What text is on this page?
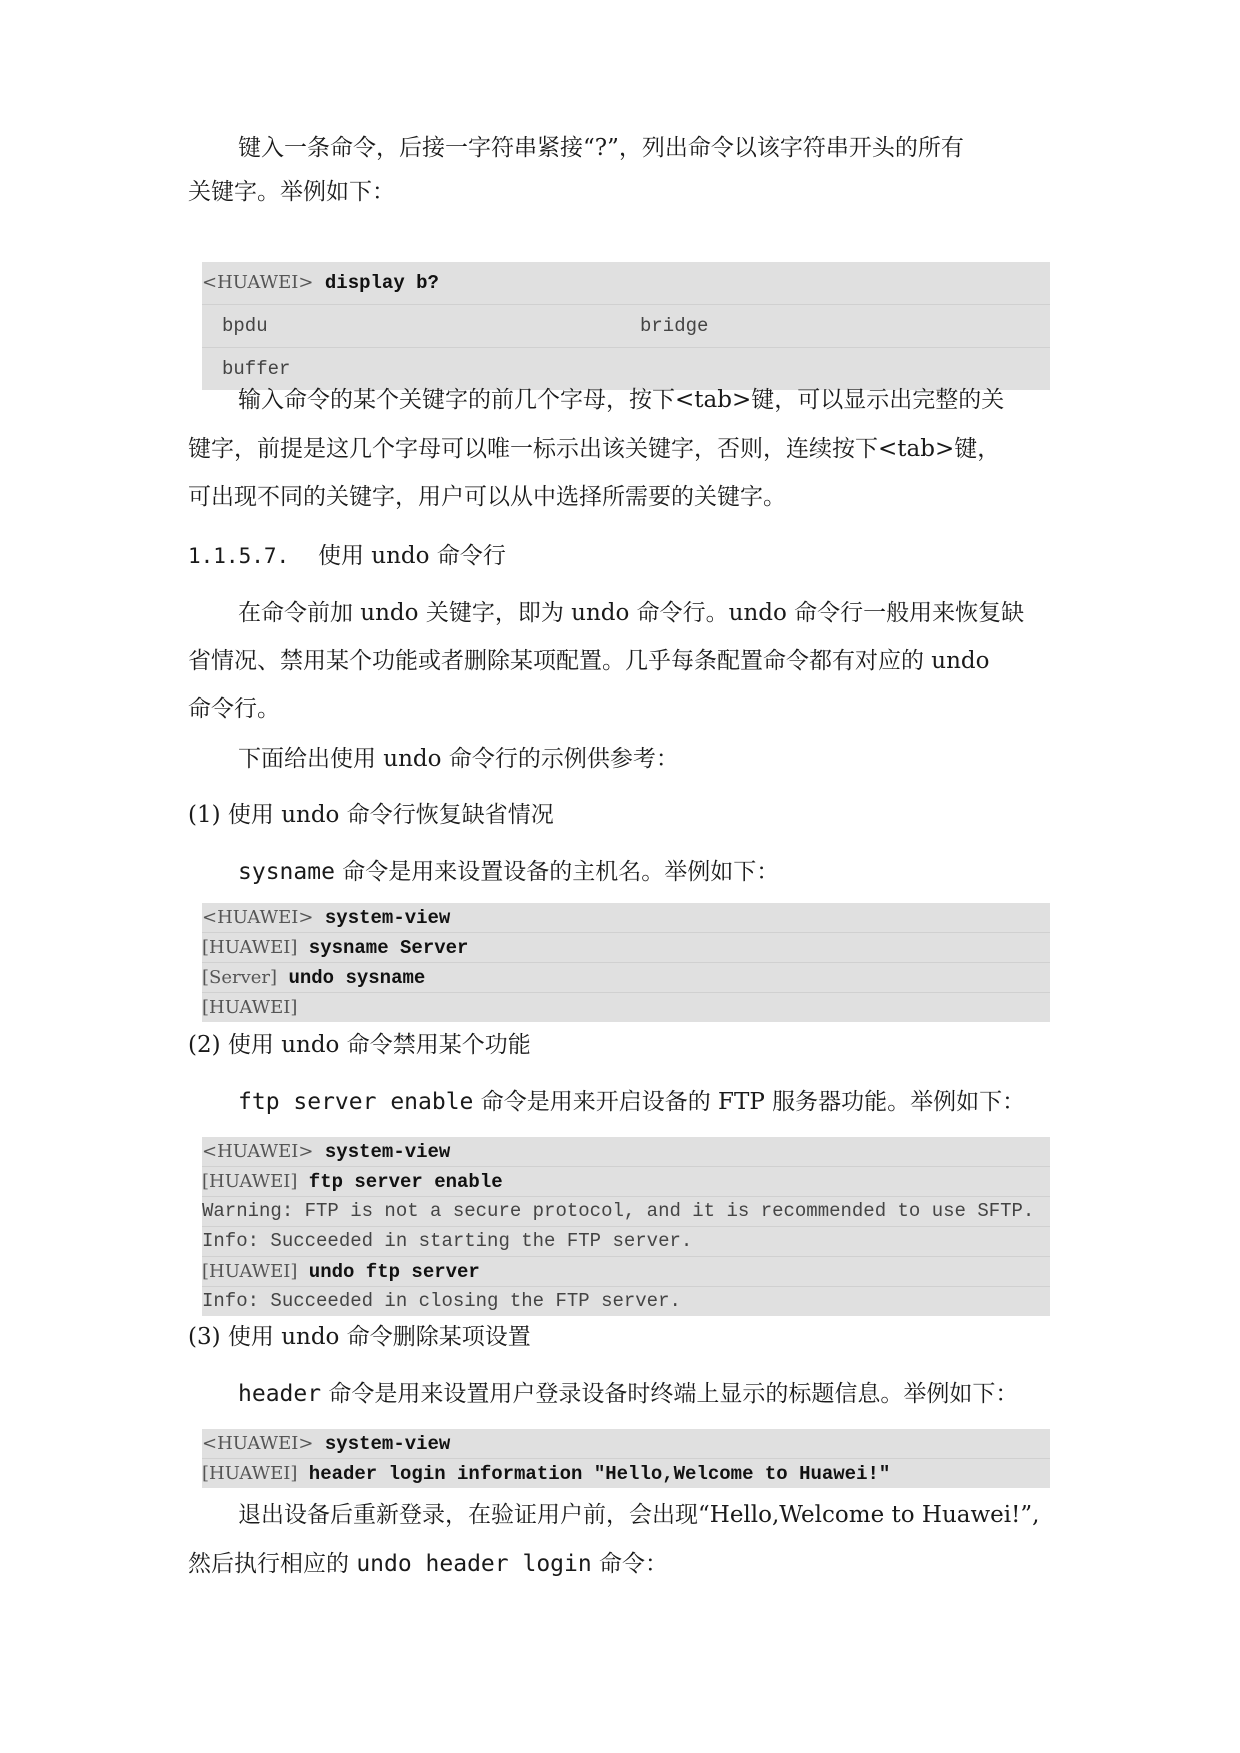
键入一条命令，后接一字符串紧接“?”，列出命令以该字符串开头的所有
关键字。举例如下：
<HUAWEI> display b?
bpdu	bridge
buffer
输入命令的某个关键字的前几个字母，按下<tab>键，可以显示出完整的关
键字，前提是这几个字母可以唯一标示出该关键字，否则，连续按下<tab>键，
可出现不同的关键字，用户可以从中选择所需要的关键字。
1.1.5.7. 使用 undo 命令行
在命令前加 undo 关键字，即为 undo 命令行。undo 命令行一般用来恢复缺
省情况、禁用某个功能或者删除某项配置。几乎每条配置命令都有对应的 undo
命令行。
下面给出使用 undo 命令行的示例供参考：
(1) 使用 undo 命令行恢复缺省情况
sysname 命令是用来设置设备的主机名。举例如下：
<HUAWEI> system-view
[HUAWEI] sysname Server
[Server] undo sysname
[HUAWEI]
(2) 使用 undo 命令禁用某个功能
ftp server enable 命令是用来开启设备的 FTP 服务器功能。举例如下：
<HUAWEI> system-view
[HUAWEI] ftp server enable
Warning: FTP is not a secure protocol, and it is recommended to use SFTP.
Info: Succeeded in starting the FTP server.
[HUAWEI] undo ftp server
Info: Succeeded in closing the FTP server.
(3) 使用 undo 命令删除某项设置
header 命令是用来设置用户登录设备时终端上显示的标题信息。举例如下：
<HUAWEI> system-view
[HUAWEI] header login information "Hello,Welcome to Huawei!"
退出设备后重新登录，在验证用户前，会出现“Hello,Welcome to Huawei!”,
然后执行相应的 undo header login 命令：
